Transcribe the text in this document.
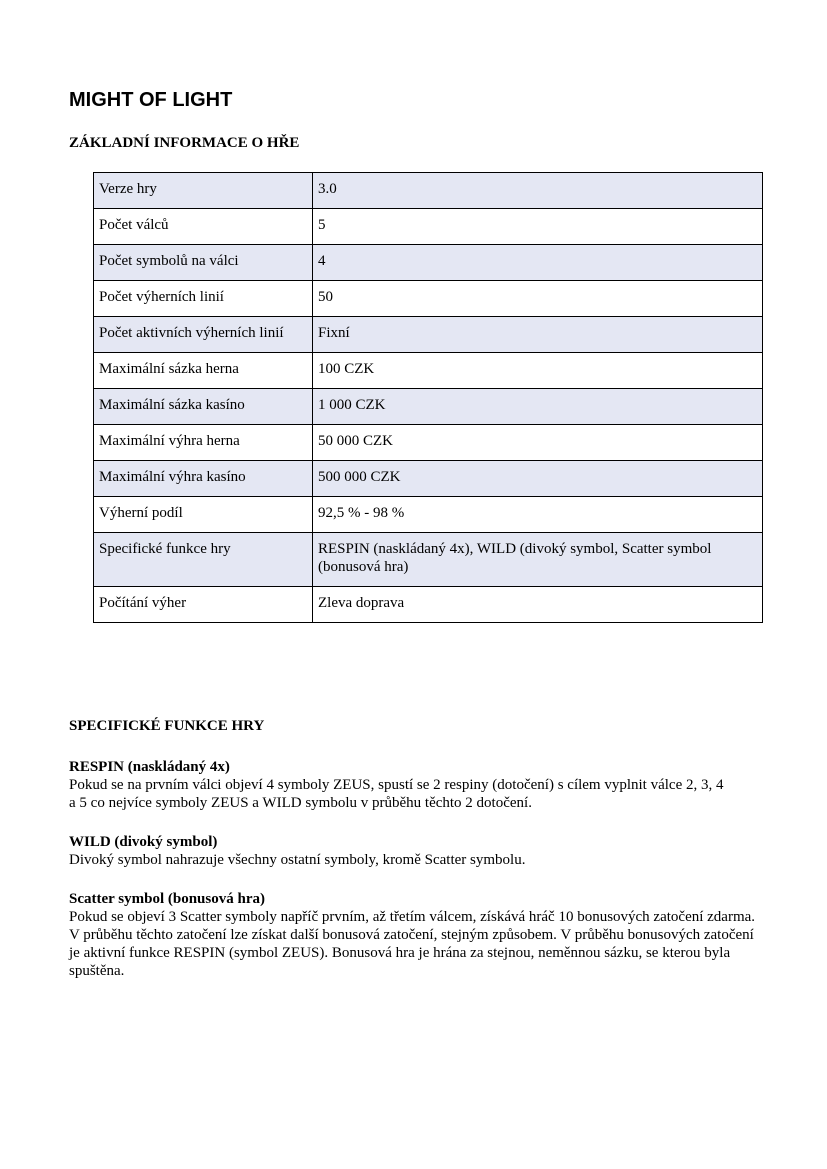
MIGHT OF LIGHT
ZÁKLADNÍ INFORMACE O HŘE
Verze hry	3.0
Počet válců	5
Počet symbolů na válci	4
Počet výherních linií	50
Počet aktivních výherních linií	Fixní
Maximální sázka herna	100 CZK
Maximální sázka kasíno	1 000 CZK
Maximální výhra herna	50 000 CZK
Maximální výhra kasíno	500 000 CZK
Výherní podíl	92,5 % - 98 %
Specifické funkce hry	RESPIN (naskládaný 4x), WILD (divoký symbol, Scatter symbol (bonusová hra)
Počítání výher	Zleva doprava
SPECIFICKÉ FUNKCE HRY
RESPIN (naskládaný 4x)

Pokud se na prvním válci objeví 4 symboly ZEUS, spustí se 2 respiny (dotočení) s cílem vyplnit válce 2, 3, 4 a 5 co nejvíce symboly ZEUS a WILD symbolu v průběhu těchto 2 dotočení.

WILD (divoký symbol)

Divoký symbol nahrazuje všechny ostatní symboly, kromě Scatter symbolu.

Scatter symbol (bonusová hra)

Pokud se objeví 3 Scatter symboly napříč prvním, až třetím válcem, získává hráč 10 bonusových zatočení zdarma. V průběhu těchto zatočení lze získat další bonusová zatočení, stejným způsobem. V průběhu bonusových zatočení je aktivní funkce RESPIN (symbol ZEUS). Bonusová hra je hrána za stejnou, neměnnou sázku, se kterou byla spuštěna.
